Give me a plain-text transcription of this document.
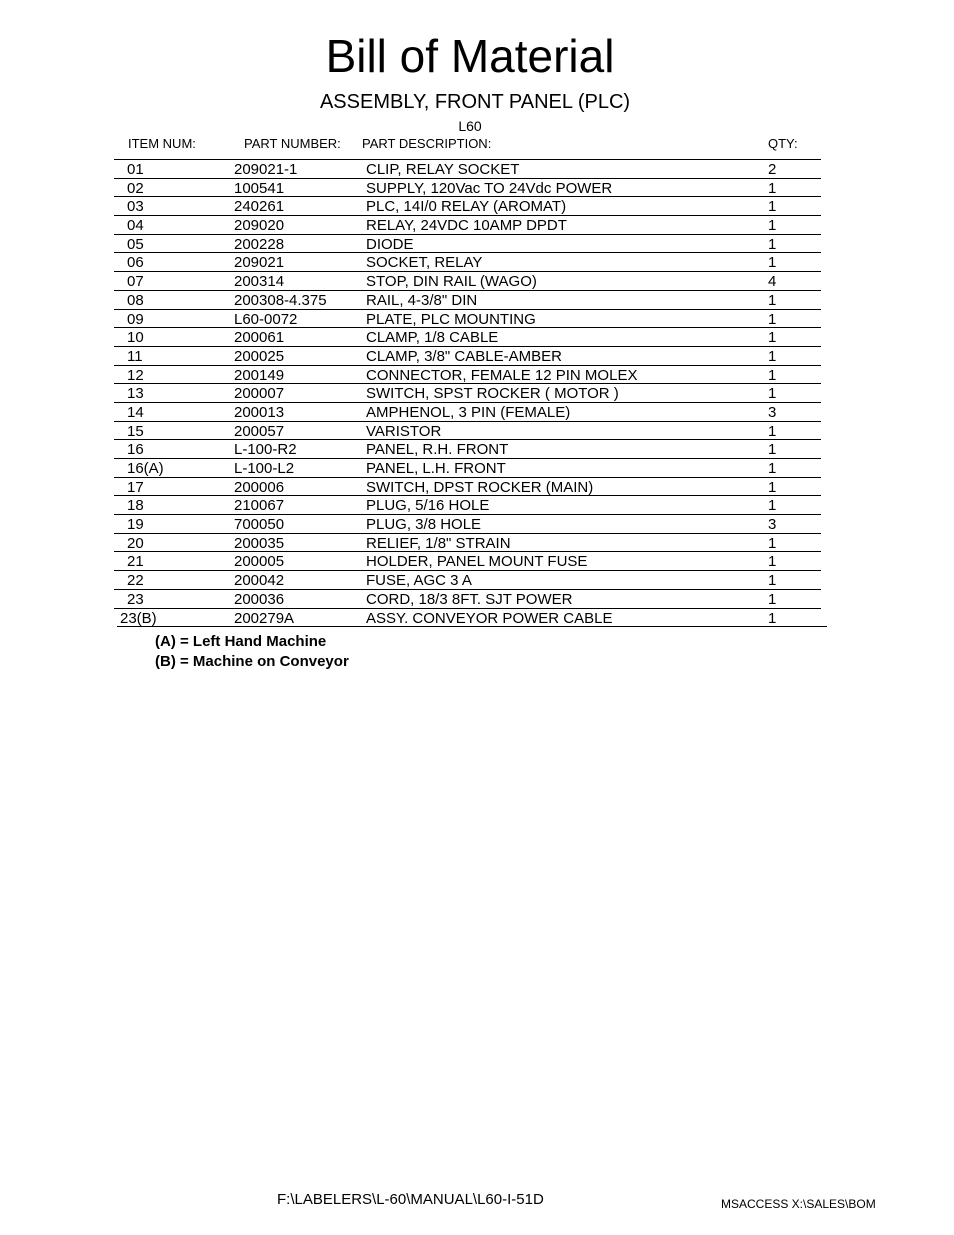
Bill of Material
ASSEMBLY, FRONT PANEL (PLC)
L60
ITEM NUM:	PART NUMBER: PART DESCRIPTION:	QTY:
01	209021-1	CLIP, RELAY SOCKET	2
02	100541	SUPPLY, 120Vac TO 24Vdc POWER	1
03	240261	PLC, 14I/0 RELAY (AROMAT)	1
04	209020	RELAY, 24VDC 10AMP DPDT	1
05	200228	DIODE	1
06	209021	SOCKET, RELAY	1
07	200314	STOP, DIN RAIL (WAGO)	4
08	200308-4.375	RAIL, 4-3/8" DIN	1
09	L60-0072	PLATE, PLC MOUNTING	1
10	200061	CLAMP, 1/8 CABLE	1
11	200025	CLAMP, 3/8" CABLE-AMBER	1
12	200149	CONNECTOR, FEMALE 12 PIN MOLEX	1
13	200007	SWITCH, SPST ROCKER ( MOTOR )	1
14	200013	AMPHENOL, 3 PIN (FEMALE)	3
15	200057	VARISTOR	1
16	L-100-R2	PANEL, R.H. FRONT	1
16(A)	L-100-L2	PANEL, L.H. FRONT	1
17	200006	SWITCH, DPST ROCKER (MAIN)	1
18	210067	PLUG, 5/16 HOLE	1
19	700050	PLUG, 3/8 HOLE	3
20	200035	RELIEF, 1/8" STRAIN	1
21	200005	HOLDER, PANEL MOUNT FUSE	1
22	200042	FUSE, AGC 3 A	1
23	200036	CORD, 18/3 8FT. SJT POWER	1
23(B)	200279A	ASSY. CONVEYOR POWER CABLE	1
(A) = Left Hand Machine
(B) = Machine on Conveyor
F:\LABELERS\L-60\MANUAL\L60-I-51D	MSACCESS X:\SALES\BOM
